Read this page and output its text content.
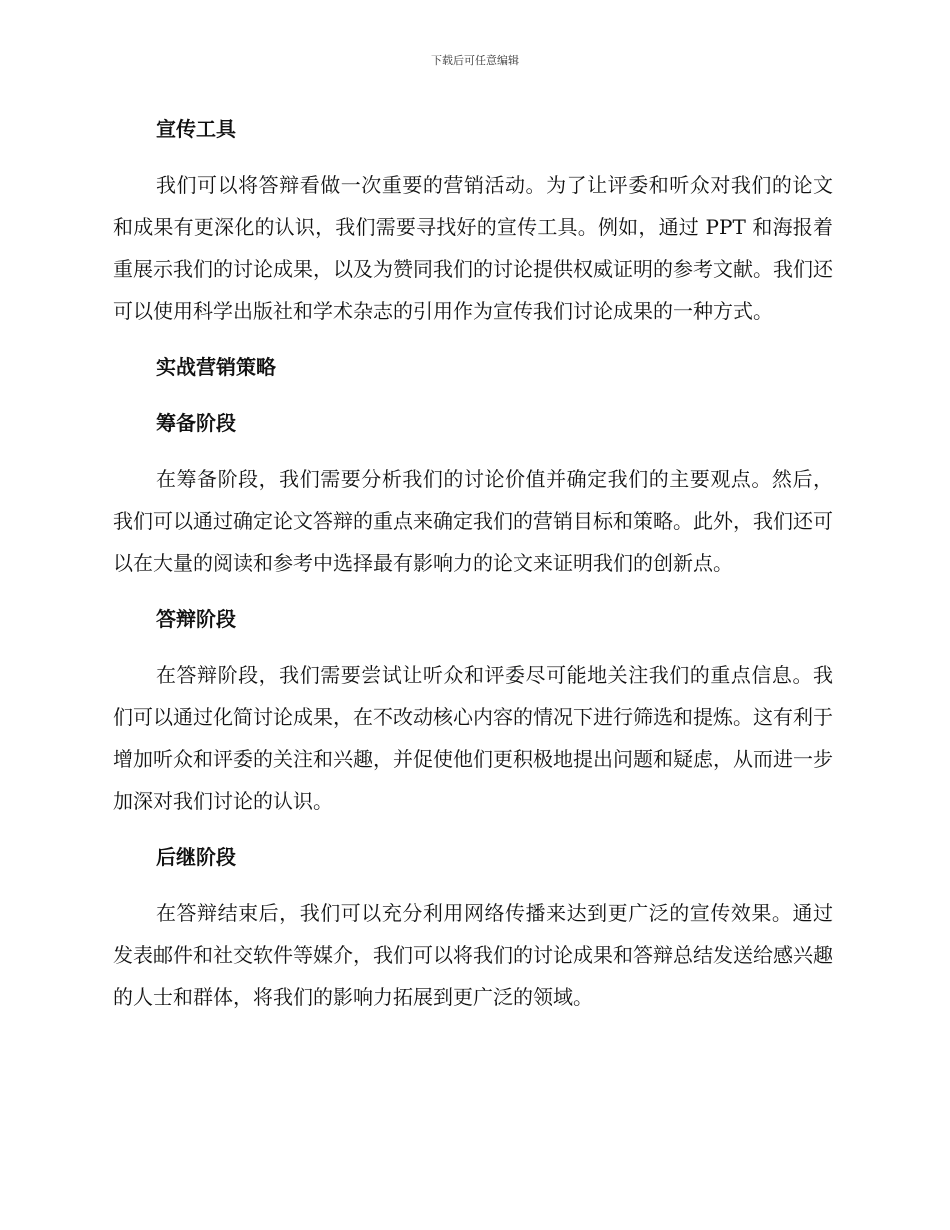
下载后可任意编辑
宣传工具

我们可以将答辩看做一次重要的营销活动。为了让评委和听众对我们的论文和成果有更深化的认识，我们需要寻找好的宣传工具。例如，通过 PPT 和海报着重展示我们的讨论成果，以及为赞同我们的讨论提供权威证明的参考文献。我们还可以使用科学出版社和学术杂志的引用作为宣传我们讨论成果的一种方式。

实战营销策略
筹备阶段

在筹备阶段，我们需要分析我们的讨论价值并确定我们的主要观点。然后，我们可以通过确定论文答辩的重点来确定我们的营销目标和策略。此外，我们还可以在大量的阅读和参考中选择最有影响力的论文来证明我们的创新点。

答辩阶段

在答辩阶段，我们需要尝试让听众和评委尽可能地关注我们的重点信息。我们可以通过化简讨论成果，在不改动核心内容的情况下进行筛选和提炼。这有利于增加听众和评委的关注和兴趣，并促使他们更积极地提出问题和疑虑，从而进一步加深对我们讨论的认识。

后继阶段

在答辩结束后，我们可以充分利用网络传播来达到更广泛的宣传效果。通过发表邮件和社交软件等媒介，我们可以将我们的讨论成果和答辩总结发送给感兴趣的人士和群体，将我们的影响力拓展到更广泛的领域。
